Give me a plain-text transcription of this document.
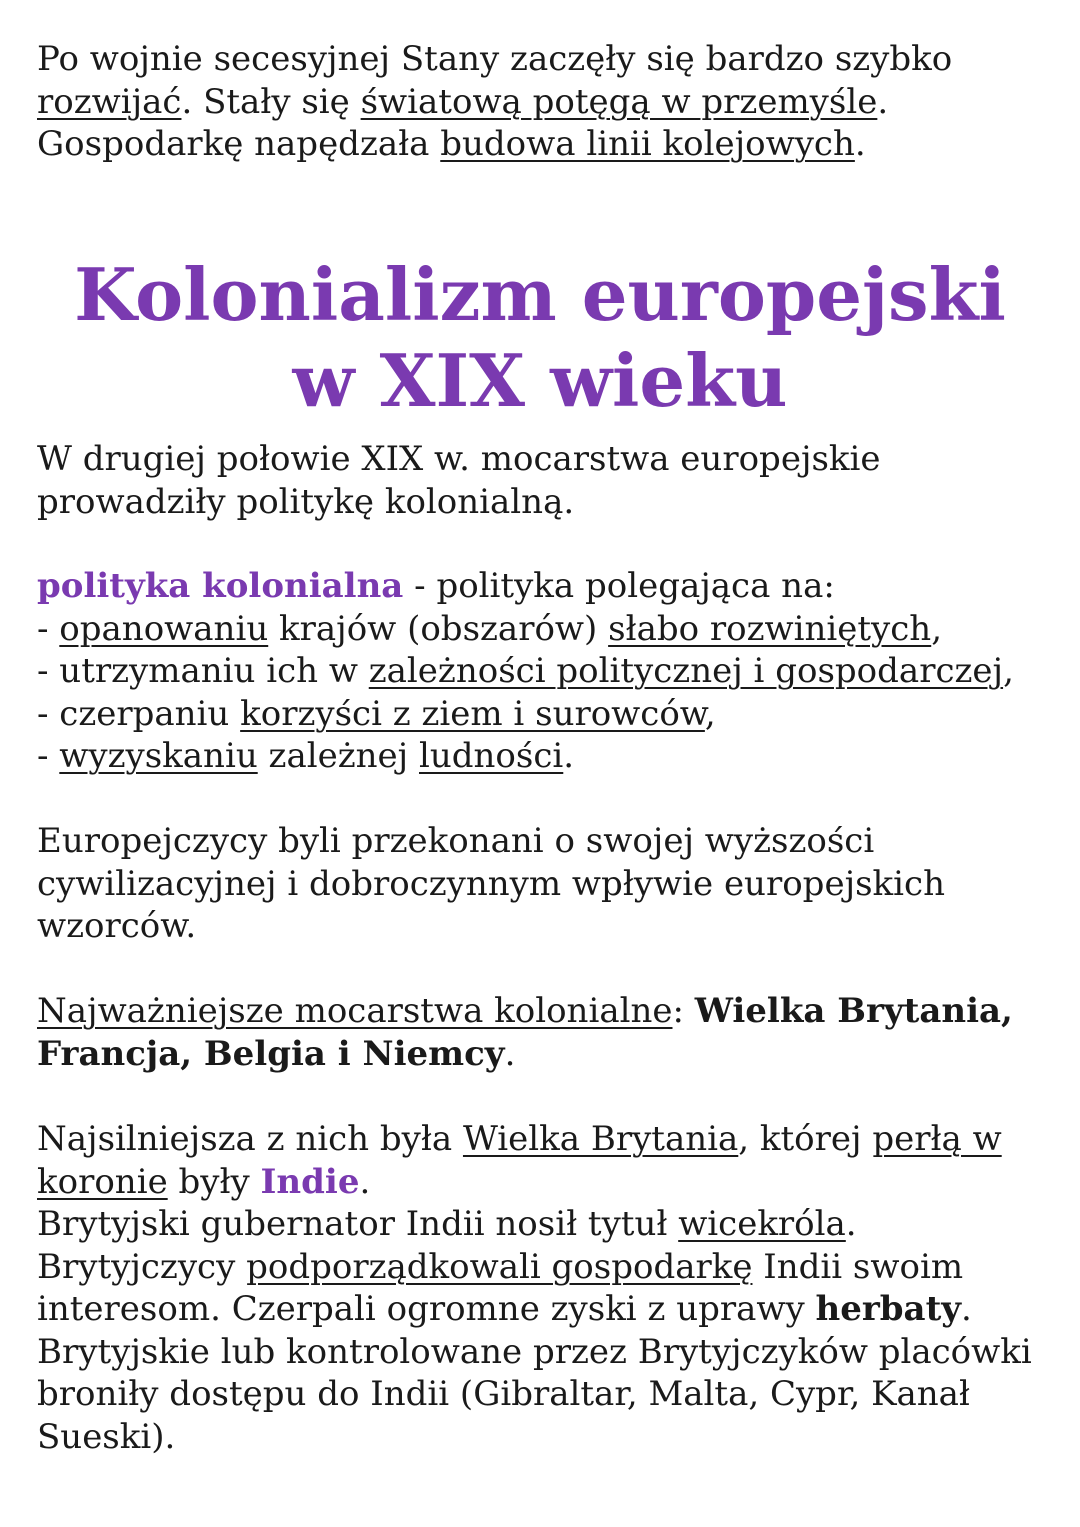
Po wojnie secesyjnej Stany zaczęły się bardzo szybko rozwijać. Stały się światową potęgą w przemyśle. Gospodarkę napędzała budowa linii kolejowych.

Kolonializm europejski
w XIX wieku

W drugiej połowie XIX w. mocarstwa europejskie prowadziły politykę kolonialną.

polityka kolonialna - polityka polegająca na:
- opanowaniu krajów (obszarów) słabo rozwiniętych,
- utrzymaniu ich w zależności politycznej i gospodarczej,
- czerpaniu korzyści z ziem i surowców,
- wyzyskaniu zależnej ludności.

Europejczycy byli przekonani o swojej wyższości cywilizacyjnej i dobroczynnym wpływie europejskich wzorców.

Najważniejsze mocarstwa kolonialne: Wielka Brytania, Francja, Belgia i Niemcy.

Najsilniejsza z nich była Wielka Brytania, której perłą w koronie były Indie.
Brytyjski gubernator Indii nosił tytuł wicekróla.
Brytyjczycy podporządkowali gospodarkę Indii swoim interesom. Czerpali ogromne zyski z uprawy herbaty.
Brytyjskie lub kontrolowane przez Brytyjczyków placówki broniły dostępu do Indii (Gibraltar, Malta, Cypr, Kanał Sueski).
